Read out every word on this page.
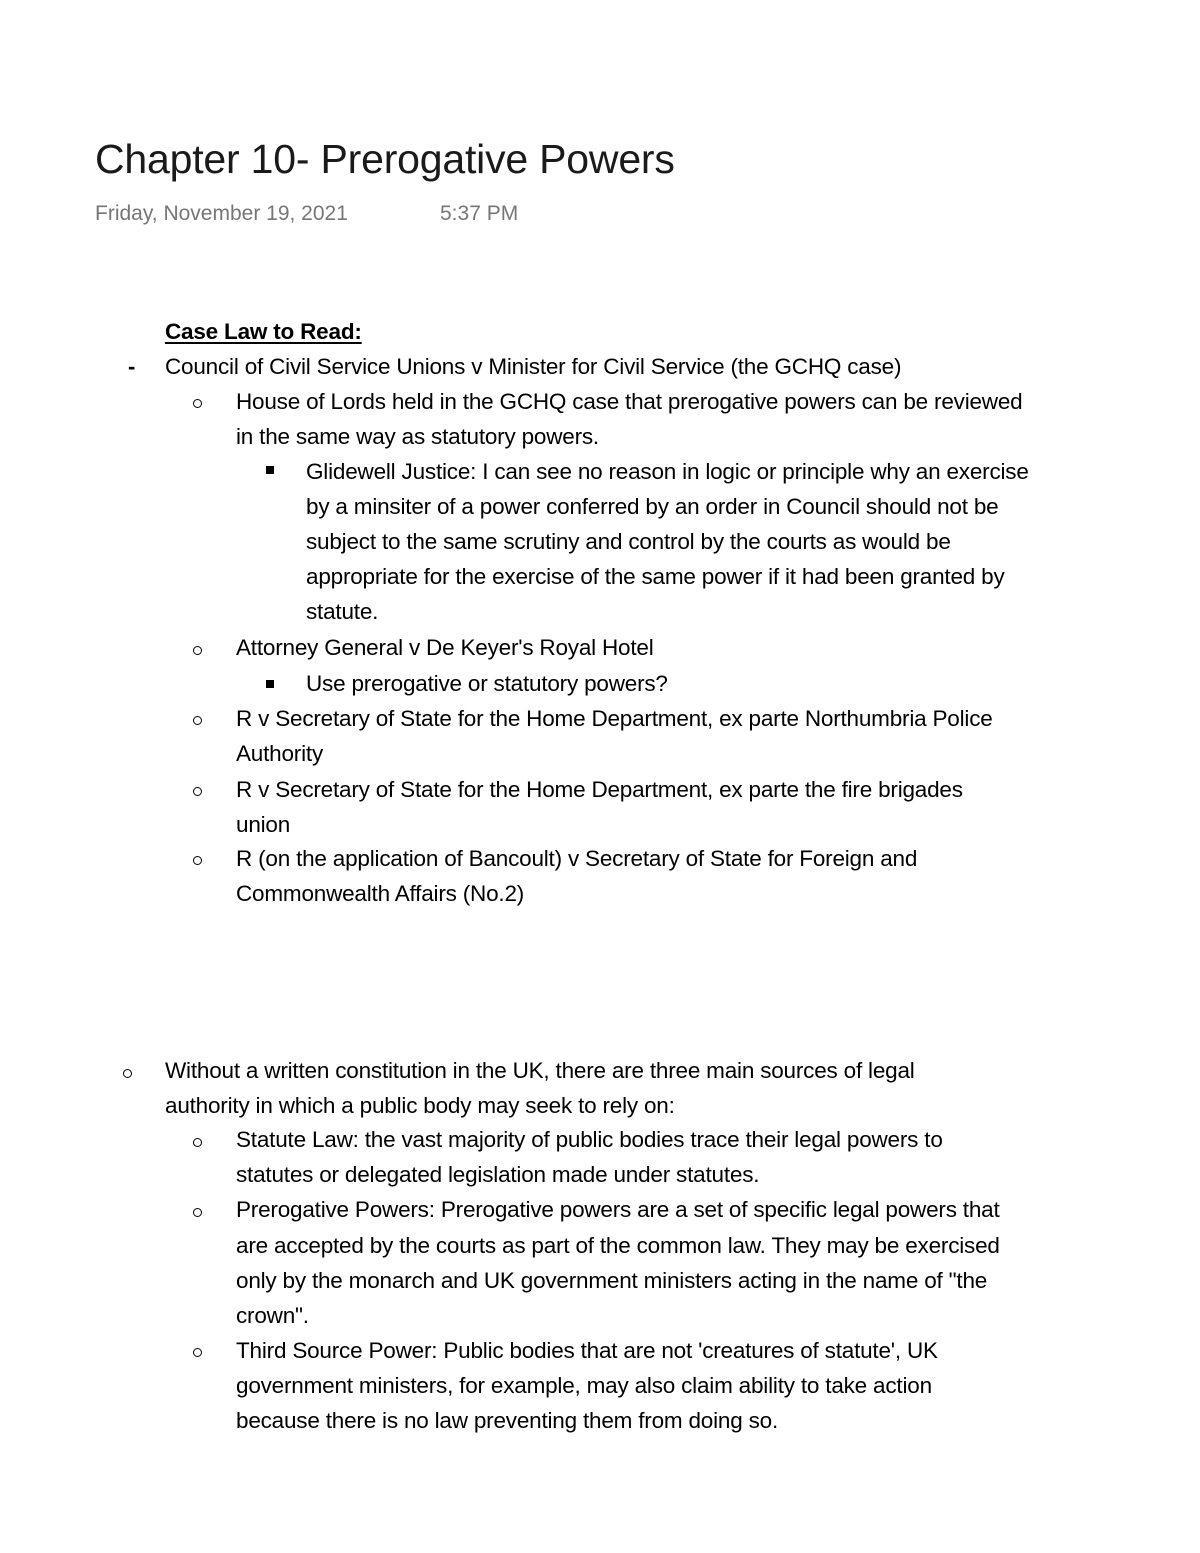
Chapter 10- Prerogative Powers
Friday, November 19, 2021	5:37 PM
Case Law to Read:
- Council of Civil Service Unions v Minister for Civil Service (the GCHQ case)
House of Lords held in the GCHQ case that prerogative powers can be reviewed
in the same way as statutory powers.
Glidewell Justice: I can see no reason in logic or principle why an exercise
by a minsiter of a power conferred by an order in Council should not be
subject to the same scrutiny and control by the courts as would be
appropriate for the exercise of the same power if it had been granted by
statute.
Attorney General v De Keyer's Royal Hotel
Use prerogative or statutory powers?
R v Secretary of State for the Home Department, ex parte Northumbria Police
Authority
R v Secretary of State for the Home Department, ex parte the fire brigades
union
R (on the application of Bancoult) v Secretary of State for Foreign and
Commonwealth Affairs (No.2)
Without a written constitution in the UK, there are three main sources of legal
authority in which a public body may seek to rely on:
Statute Law: the vast majority of public bodies trace their legal powers to
statutes or delegated legislation made under statutes.
Prerogative Powers: Prerogative powers are a set of specific legal powers that
are accepted by the courts as part of the common law. They may be exercised
only by the monarch and UK government ministers acting in the name of "the
crown".
Third Source Power: Public bodies that are not 'creatures of statute', UK
government ministers, for example, may also claim ability to take action
because there is no law preventing them from doing so.
